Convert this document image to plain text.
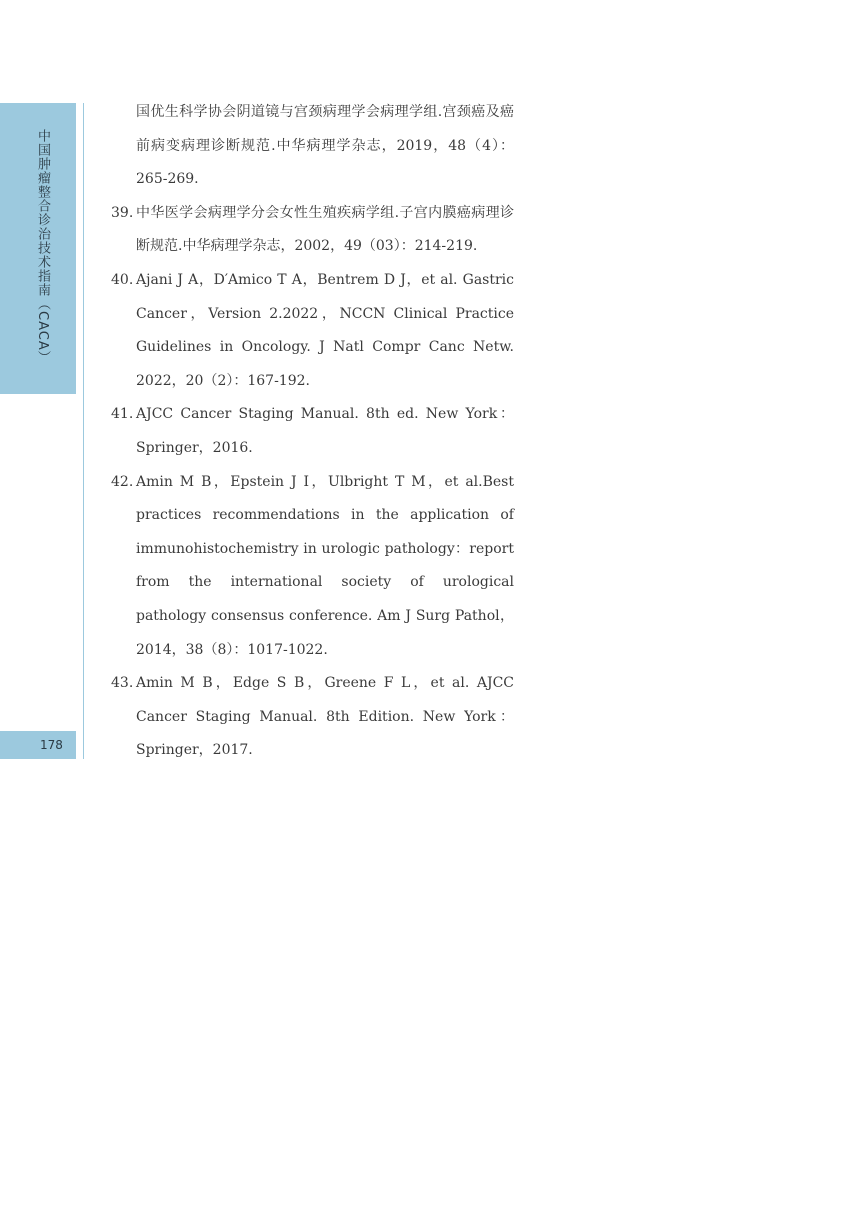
中国肿瘤整合诊治技术指南（CACA）
178
国优生科学协会阴道镜与宫颈病理学会病理学组.宫颈癌及癌前病变病理诊断规范.中华病理学杂志，2019，48（4）：265-269.
39. 中华医学会病理学分会女性生殖疾病学组.子宫内膜癌病理诊断规范.中华病理学杂志，2002，49（03）：214-219.
40. Ajani J A，D′Amico T A，Bentrem D J，et al. Gastric Cancer，Version 2.2022，NCCN Clinical Practice Guidelines in Oncology. J Natl Compr Canc Netw. 2022，20（2）：167-192.
41. AJCC Cancer Staging Manual. 8th ed. New York：Springer，2016.
42. Amin M B，Epstein J I，Ulbright T M，et al.Best practices recommendations in the application of immunohistochemistry in urologic pathology：report from the international society of urological pathology consensus conference. Am J Surg Pathol，2014，38（8）：1017-1022.
43. Amin M B，Edge S B，Greene F L，et al. AJCC Cancer Staging Manual. 8th Edition. New York：Springer，2017.
